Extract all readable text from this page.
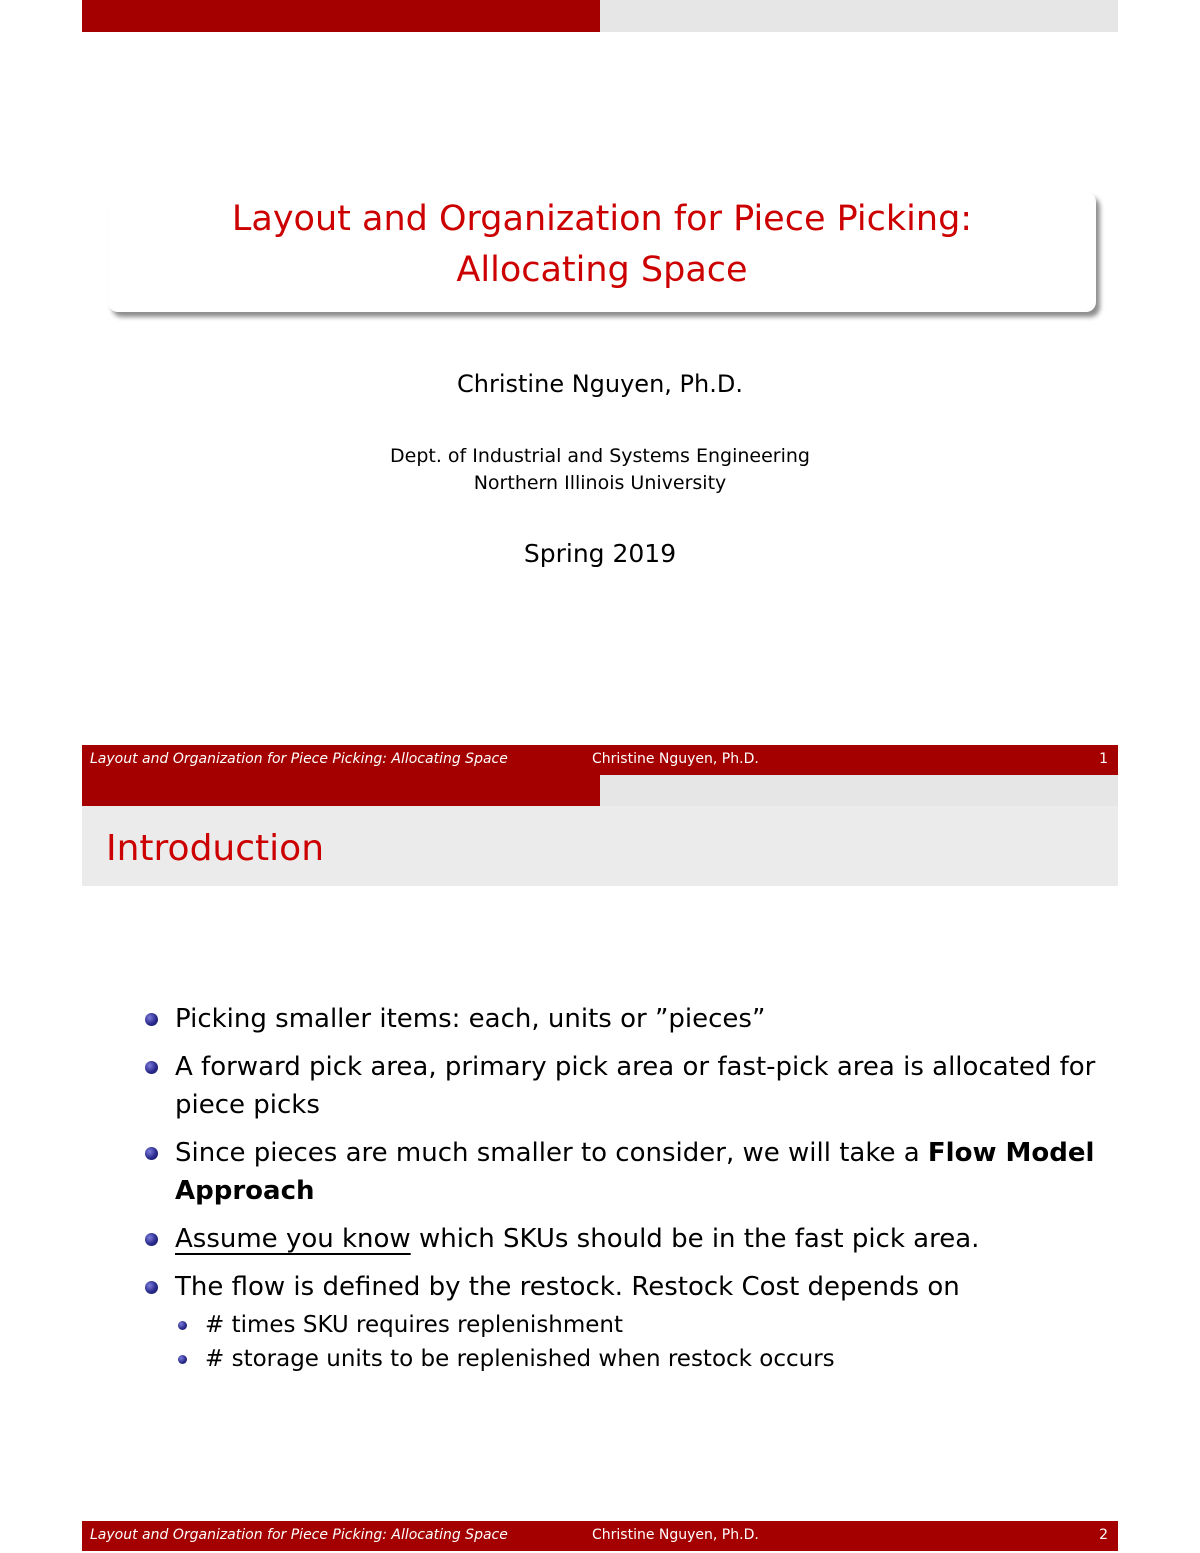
Layout and Organization for Piece Picking:
Allocating Space
Christine Nguyen, Ph.D.
Dept. of Industrial and Systems Engineering
Northern Illinois University
Spring 2019
Layout and Organization for Piece Picking: Allocating Space	Christine Nguyen, Ph.D.	1
Introduction
Picking smaller items: each, units or ”pieces”
A forward pick area, primary pick area or fast-pick area is allocated for piece picks
Since pieces are much smaller to consider, we will take a Flow Model Approach
Assume you know which SKUs should be in the fast pick area.
The flow is defined by the restock. Restock Cost depends on
# times SKU requires replenishment
# storage units to be replenished when restock occurs
Layout and Organization for Piece Picking: Allocating Space	Christine Nguyen, Ph.D.	2
